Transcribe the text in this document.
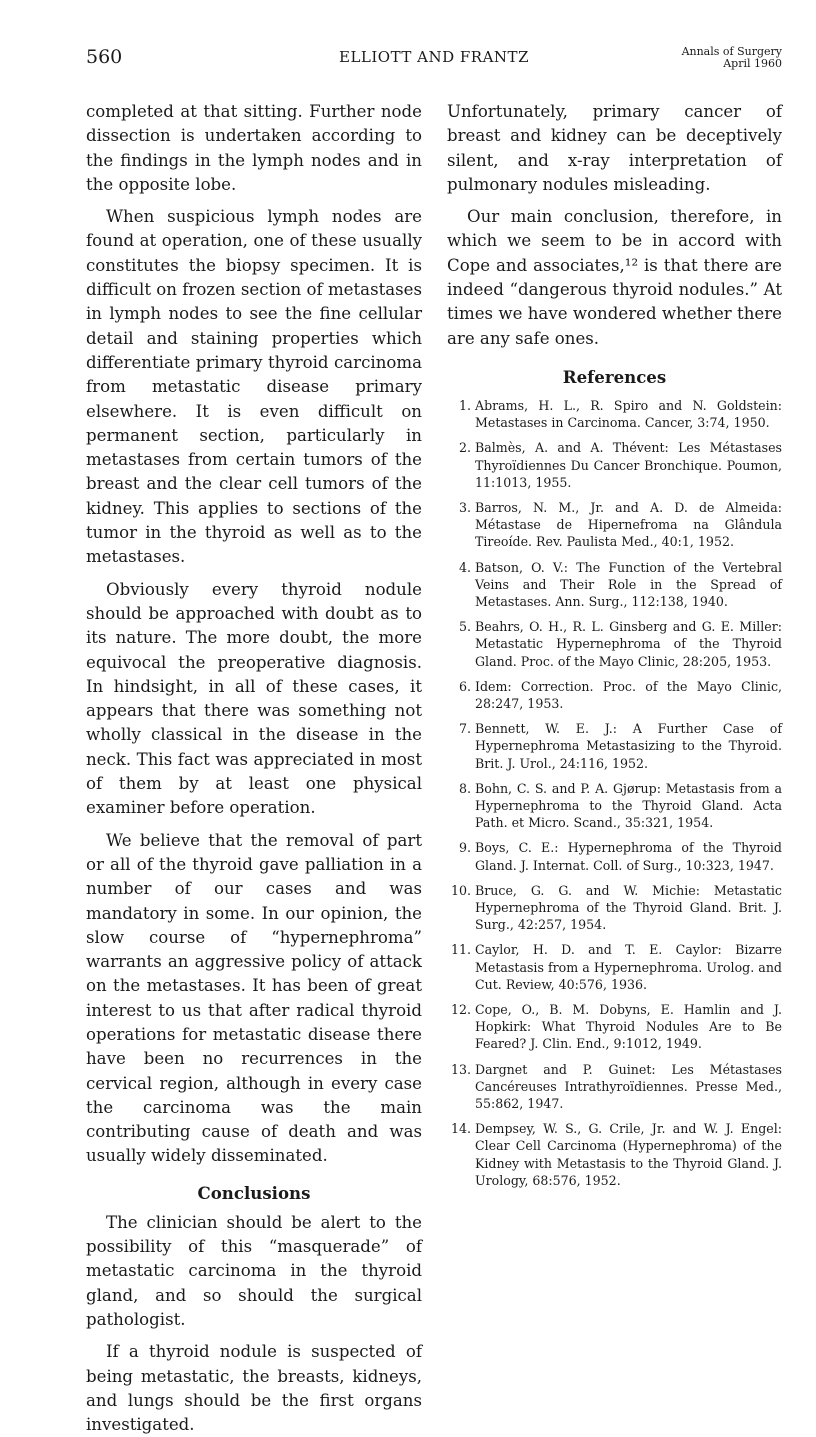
560	ELLIOTT AND FRANTZ	Annals of Surgery
April 1960

completed at that sitting. Further node dissection is undertaken according to the findings in the lymph nodes and in the opposite lobe.

When suspicious lymph nodes are found at operation, one of these usually constitutes the biopsy specimen. It is difficult on frozen section of metastases in lymph nodes to see the fine cellular detail and staining properties which differentiate primary thyroid carcinoma from metastatic disease primary elsewhere. It is even difficult on permanent section, particularly in metastases from certain tumors of the breast and the clear cell tumors of the kidney. This applies to sections of the tumor in the thyroid as well as to the metastases.

Obviously every thyroid nodule should be approached with doubt as to its nature. The more doubt, the more equivocal the preoperative diagnosis. In hindsight, in all of these cases, it appears that there was something not wholly classical in the disease in the neck. This fact was appreciated in most of them by at least one physical examiner before operation.

We believe that the removal of part or all of the thyroid gave palliation in a number of our cases and was mandatory in some. In our opinion, the slow course of “hypernephroma” warrants an aggressive policy of attack on the metastases. It has been of great interest to us that after radical thyroid operations for metastatic disease there have been no recurrences in the cervical region, although in every case the carcinoma was the main contributing cause of death and was usually widely disseminated.

Conclusions

The clinician should be alert to the possibility of this “masquerade” of metastatic carcinoma in the thyroid gland, and so should the surgical pathologist.

If a thyroid nodule is suspected of being metastatic, the breasts, kidneys, and lungs should be the first organs investigated.

Unfortunately, primary cancer of breast and kidney can be deceptively silent, and x-ray interpretation of pulmonary nodules misleading.

Our main conclusion, therefore, in which we seem to be in accord with Cope and associates,¹² is that there are indeed “dangerous thyroid nodules.” At times we have wondered whether there are any safe ones.

References
1. Abrams, H. L., R. Spiro and N. Goldstein: Metastases in Carcinoma. Cancer, 3:74, 1950.
2. Balmès, A. and A. Thévent: Les Métastases Thyroïdiennes Du Cancer Bronchique. Poumon, 11:1013, 1955.
3. Barros, N. M., Jr. and A. D. de Almeida: Métastase de Hipernefroma na Glândula Tireoíde. Rev. Paulista Med., 40:1, 1952.
4. Batson, O. V.: The Function of the Vertebral Veins and Their Role in the Spread of Metastases. Ann. Surg., 112:138, 1940.
5. Beahrs, O. H., R. L. Ginsberg and G. E. Miller: Metastatic Hypernephroma of the Thyroid Gland. Proc. of the Mayo Clinic, 28:205, 1953.
6. Idem: Correction. Proc. of the Mayo Clinic, 28:247, 1953.
7. Bennett, W. E. J.: A Further Case of Hypernephroma Metastasizing to the Thyroid. Brit. J. Urol., 24:116, 1952.
8. Bohn, C. S. and P. A. Gjørup: Metastasis from a Hypernephroma to the Thyroid Gland. Acta Path. et Micro. Scand., 35:321, 1954.
9. Boys, C. E.: Hypernephroma of the Thyroid Gland. J. Internat. Coll. of Surg., 10:323, 1947.
10. Bruce, G. G. and W. Michie: Metastatic Hypernephroma of the Thyroid Gland. Brit. J. Surg., 42:257, 1954.
11. Caylor, H. D. and T. E. Caylor: Bizarre Metastasis from a Hypernephroma. Urolog. and Cut. Review, 40:576, 1936.
12. Cope, O., B. M. Dobyns, E. Hamlin and J. Hopkirk: What Thyroid Nodules Are to Be Feared? J. Clin. End., 9:1012, 1949.
13. Dargnet and P. Guinet: Les Métastases Cancéreuses Intrathyroïdiennes. Presse Med., 55:862, 1947.
14. Dempsey, W. S., G. Crile, Jr. and W. J. Engel: Clear Cell Carcinoma (Hypernephroma) of the Kidney with Metastasis to the Thyroid Gland. J. Urology, 68:576, 1952.
